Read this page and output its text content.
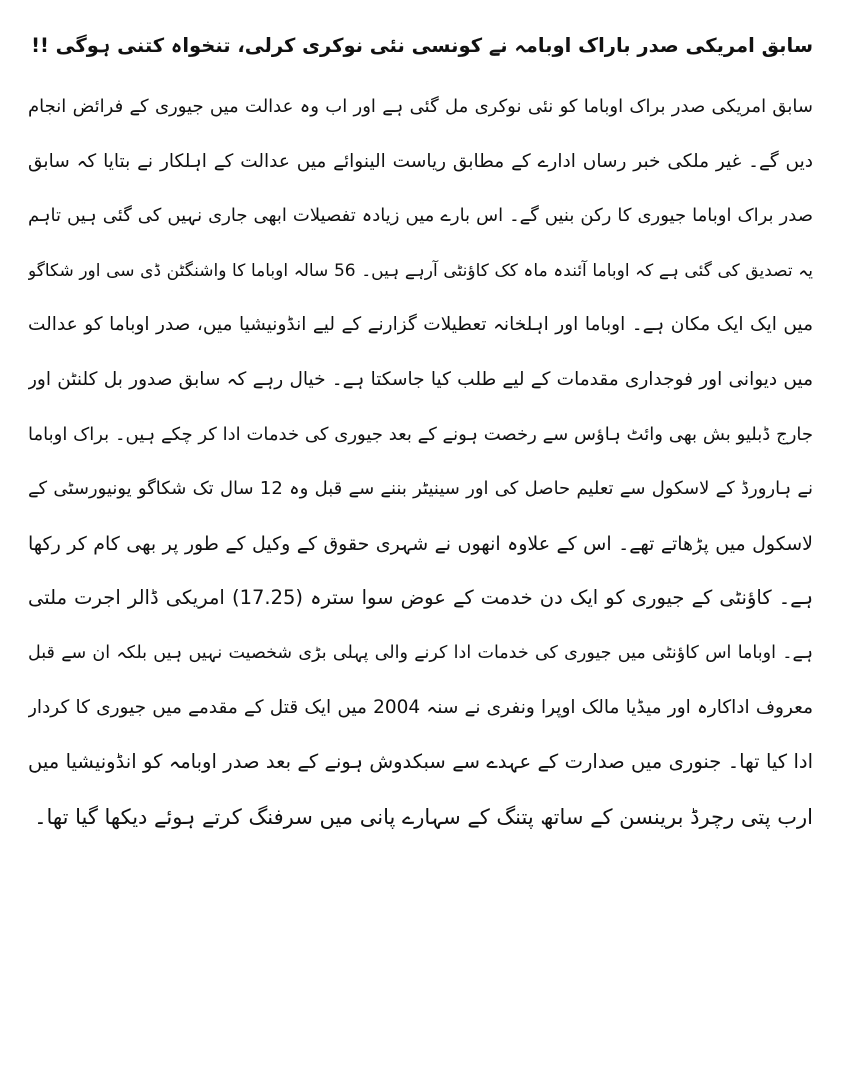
سابق امریکی صدر باراک اوبامہ نے کونسی نئی نوکری کرلی، تنخواہ کتنی ہوگی !!
سابق امریکی صدر براک اوباما کو نئی نوکری مل گئی ہے اور اب وہ عدالت میں جیوری کے فرائض انجام
دیں گے۔ غیر ملکی خبر رساں ادارے کے مطابق ریاست الینوائے میں عدالت کے اہلکار نے بتایا کہ سابق
صدر براک اوباما جیوری کا رکن بنیں گے۔ اس بارے میں زیادہ تفصیلات ابھی جاری نہیں کی گئی ہیں تاہم
یہ تصدیق کی گئی ہے کہ اوباما آئندہ ماہ کک کاؤنٹی آرہے ہیں۔ 56 سالہ اوباما کا واشنگٹن ڈی سی اور شکاگو
میں ایک ایک مکان ہے۔ اوباما اور اہلخانہ تعطیلات گزارنے کے لیے انڈونیشیا میں، صدر اوباما کو عدالت
میں دیوانی اور فوجداری مقدمات کے لیے طلب کیا جاسکتا ہے۔ خیال رہے کہ سابق صدور بل کلنٹن اور
جارج ڈبلیو بش بھی وائٹ ہاؤس سے رخصت ہونے کے بعد جیوری کی خدمات ادا کر چکے ہیں۔ براک اوباما
نے ہارورڈ کے لاسکول سے تعلیم حاصل کی اور سینیٹر بننے سے قبل وہ 12 سال تک شکاگو یونیورسٹی کے
لاسکول میں پڑھاتے تھے۔ اس کے علاوہ انھوں نے شہری حقوق کے وکیل کے طور پر بھی کام کر رکھا
ہے۔ کاؤنٹی کے جیوری کو ایک دن خدمت کے عوض سوا سترہ (17.25) امریکی ڈالر اجرت ملتی
ہے۔ اوباما اس کاؤنٹی میں جیوری کی خدمات ادا کرنے والی پہلی بڑی شخصیت نہیں ہیں بلکہ ان سے قبل
معروف اداکارہ اور میڈیا مالک اوپرا ونفری نے سنہ 2004 میں ایک قتل کے مقدمے میں جیوری کا کردار
ادا کیا تھا۔ جنوری میں صدارت کے عہدے سے سبکدوش ہونے کے بعد صدر اوبامہ کو انڈونیشیا میں
ارب پتی رچرڈ برینسن کے ساتھ پتنگ کے سہارے پانی میں سرفنگ کرتے ہوئے دیکھا گیا تھا۔
